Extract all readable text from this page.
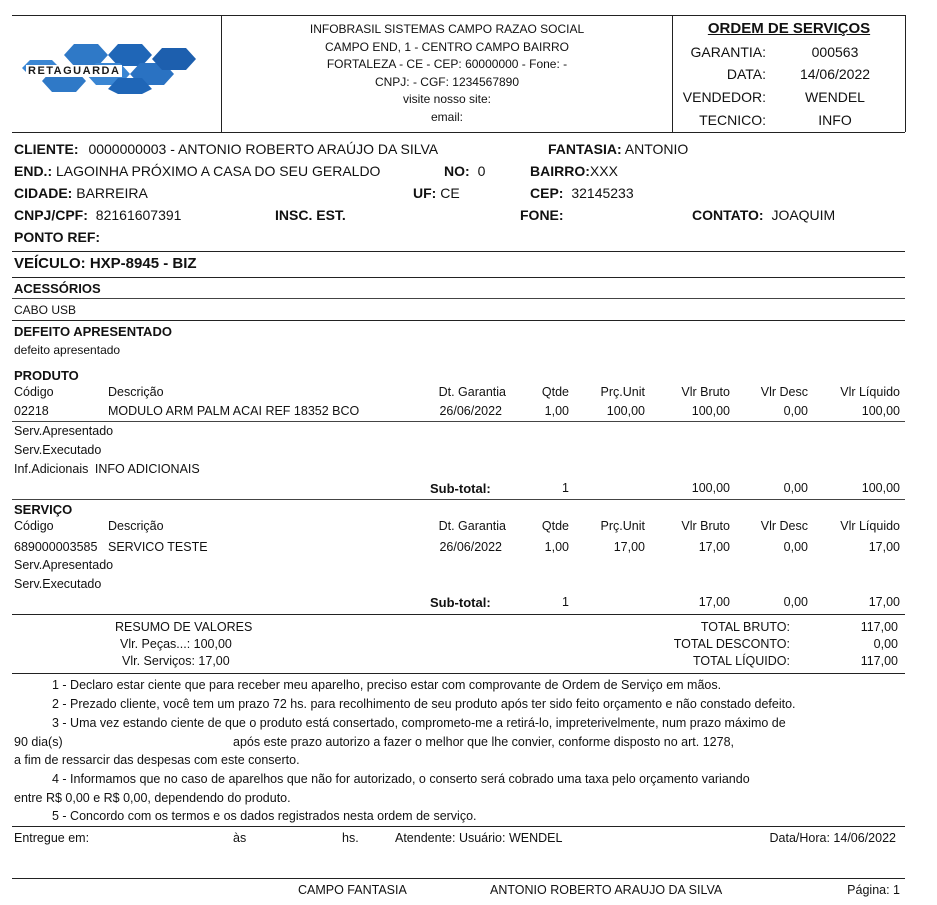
RETAGUARDA
INFOBRASIL SISTEMAS CAMPO RAZAO SOCIAL
CAMPO END, 1 - CENTRO CAMPO BAIRRO
FORTALEZA - CE - CEP: 60000000 - Fone: -
CNPJ: - CGF: 1234567890
visite nosso site:
email:
ORDEM DE SERVIÇOS
GARANTIA:	000563
DATA:	14/06/2022
VENDEDOR:	WENDEL
TECNICO:	INFO
CLIENTE: 0000000003 - ANTONIO ROBERTO ARAÚJO DA SILVA	FANTASIA: ANTONIO
END.: LAGOINHA PRÓXIMO A CASA DO SEU GERALDO	NO: 0	BAIRRO:XXX
CIDADE: BARREIRA	UF: CE	CEP: 32145233
CNPJ/CPF: 82161607391	INSC. EST.	FONE:	CONTATO: JOAQUIM
PONTO REF:
VEÍCULO: HXP-8945 - BIZ
ACESSÓRIOS
CABO USB
DEFEITO APRESENTADO
defeito apresentado
PRODUTO
Código	Descrição	Dt. Garantia	Qtde	Prç.Unit	Vlr Bruto	Vlr Desc	Vlr Líquido
02218	MODULO ARM PALM ACAI REF 18352 BCO	26/06/2022	1,00	100,00	100,00	0,00	100,00
Serv.Apresentado
Serv.Executado
Inf.Adicionais INFO ADICIONAIS
Sub-total:	1	100,00	0,00	100,00
SERVIÇO
Código	Descrição	Dt. Garantia	Qtde	Prç.Unit	Vlr Bruto	Vlr Desc	Vlr Líquido
689000003585 SERVICO TESTE	26/06/2022	1,00	17,00	17,00	0,00	17,00
Serv.Apresentado
Serv.Executado
Sub-total:	1	17,00	0,00	17,00
RESUMO DE VALORES
Vlr. Peças...: 100,00
Vlr. Serviços: 17,00
TOTAL BRUTO:	117,00
TOTAL DESCONTO:	0,00
TOTAL LÍQUIDO:	117,00
1 - Declaro estar ciente que para receber meu aparelho, preciso estar com comprovante de Ordem de Serviço em mãos.
2 - Prezado cliente, você tem um prazo 72 hs. para recolhimento de seu produto após ter sido feito orçamento e não constado defeito.
3 - Uma vez estando ciente de que o produto está consertado, comprometo-me a retirá-lo, impreterivelmente, num prazo máximo de
90 dia(s)	após este prazo autorizo a fazer o melhor que lhe convier, conforme disposto no art. 1278,
a fim de ressarcir das despesas com este conserto.
4 - Informamos que no caso de aparelhos que não for autorizado, o conserto será cobrado uma taxa pelo orçamento variando
entre R$ 0,00 e R$ 0,00, dependendo do produto.
5 - Concordo com os termos e os dados registrados nesta ordem de serviço.
Entregue em:	às	hs.	Atendente: Usuário: WENDEL	Data/Hora: 14/06/2022
CAMPO FANTASIA	ANTONIO ROBERTO ARAUJO DA SILVA	Página: 1
